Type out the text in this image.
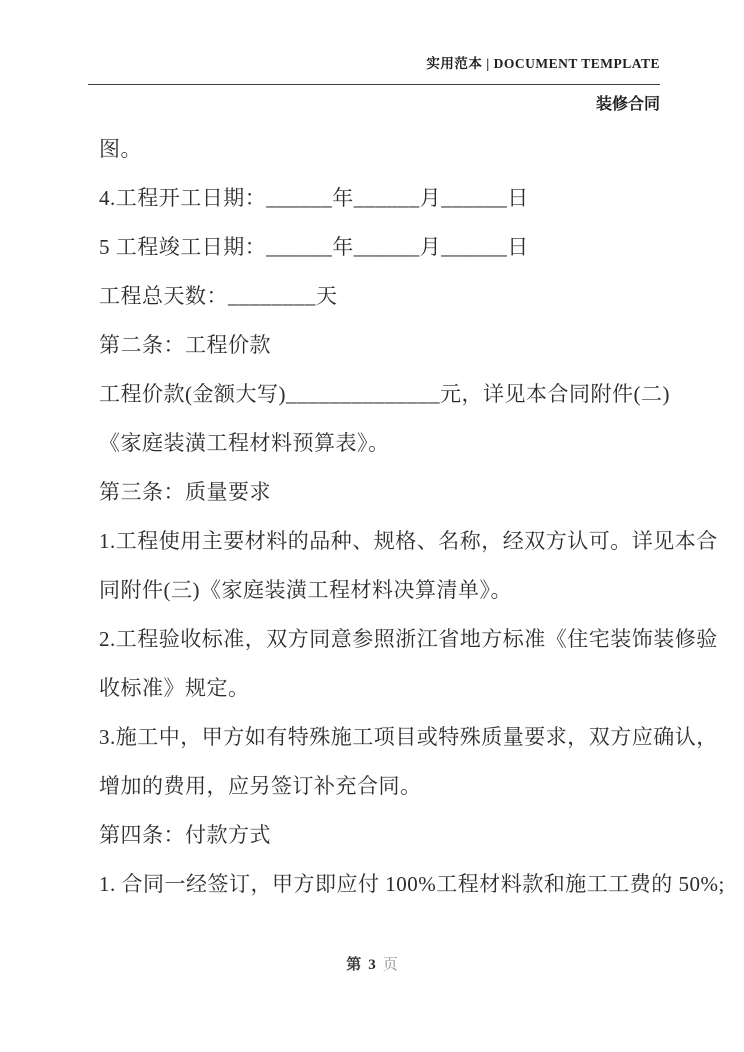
实用范本 | DOCUMENT TEMPLATE
装修合同
图。
4.工程开工日期：______年______月______日
5 工程竣工日期：______年______月______日
工程总天数：________天
第二条：工程价款
工程价款(金额大写)______________元，详见本合同附件(二)
《家庭装潢工程材料预算表》。
第三条：质量要求
1.工程使用主要材料的品种、规格、名称，经双方认可。详见本合
同附件(三)《家庭装潢工程材料决算清单》。
2.工程验收标准，双方同意参照浙江省地方标准《住宅装饰装修验
收标准》规定。
3.施工中，甲方如有特殊施工项目或特殊质量要求，双方应确认，
增加的费用，应另签订补充合同。
第四条：付款方式
1. 合同一经签订，甲方即应付 100%工程材料款和施工工费的 50%;
第 3 页
